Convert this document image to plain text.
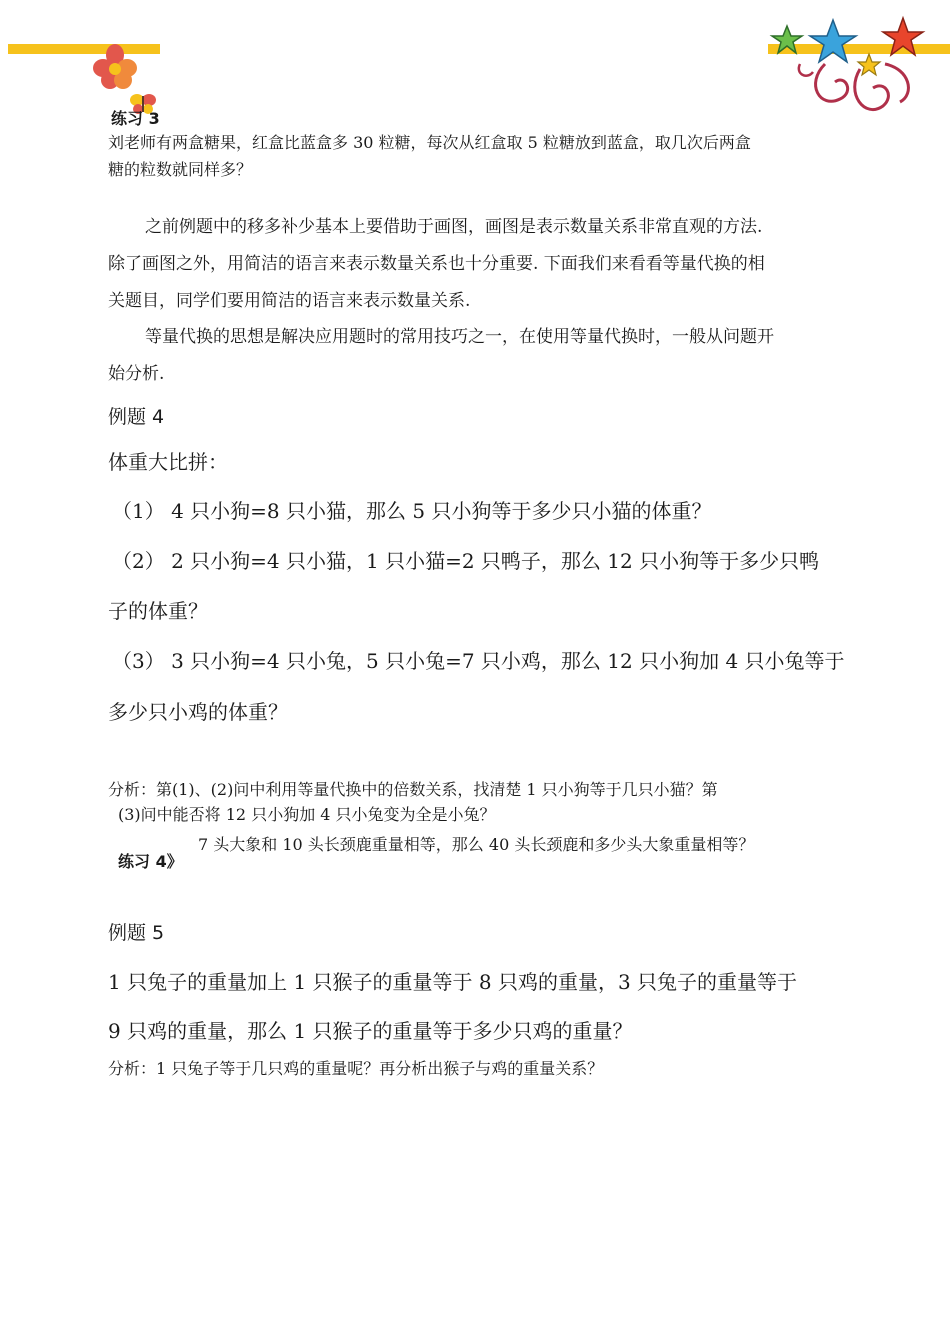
练习 3
刘老师有两盒糖果，红盒比蓝盒多 30 粒糖，每次从红盒取 5 粒糖放到蓝盒，取几次后两盒
糖的粒数就同样多？
之前例题中的移多补少基本上要借助于画图，画图是表示数量关系非常直观的方法.
除了画图之外，用简洁的语言来表示数量关系也十分重要. 下面我们来看看等量代换的相
关题目，同学们要用简洁的语言来表示数量关系.
等量代换的思想是解决应用题时的常用技巧之一，在使用等量代换时，一般从问题开
始分析.
例题 4
体重大比拼：
（1） 4 只小狗=8 只小猫，那么 5 只小狗等于多少只小猫的体重？
（2） 2 只小狗=4 只小猫，1 只小猫=2 只鸭子，那么 12 只小狗等于多少只鸭
子的体重？
（3） 3 只小狗=4 只小兔，5 只小兔=7 只小鸡，那么 12 只小狗加 4 只小兔等于
多少只小鸡的体重？
分析：第(1)、(2)问中利用等量代换中的倍数关系，找清楚 1 只小狗等于几只小猫？第
(3)问中能否将 12 只小狗加 4 只小兔变为全是小兔？
练习 4》
7 头大象和 10 头长颈鹿重量相等，那么 40 头长颈鹿和多少头大象重量相等？
例题 5
1 只兔子的重量加上 1 只猴子的重量等于 8 只鸡的重量，3 只兔子的重量等于
9 只鸡的重量，那么 1 只猴子的重量等于多少只鸡的重量？
分析：1 只兔子等于几只鸡的重量呢？再分析出猴子与鸡的重量关系？
